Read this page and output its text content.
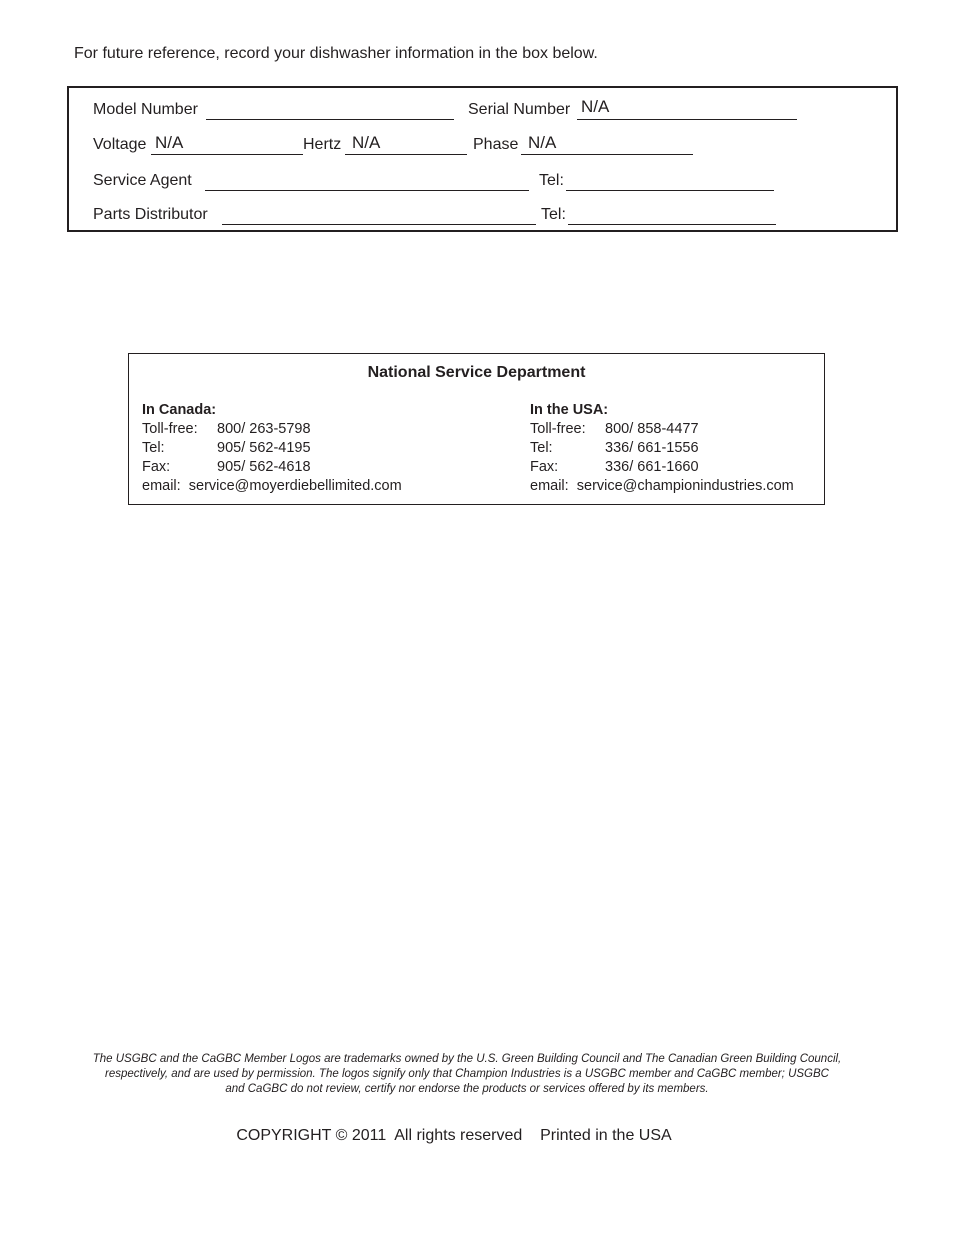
For future reference, record your dishwasher information in the box below.
Model Number	Serial Number N/A
Voltage N/A	Hertz N/A	Phase N/A
Service Agent	Tel:
Parts Distributor	Tel:
National Service Department
In Canada:
Toll-free: 800/ 263-5798
Tel:	905/ 562-4195
Fax:	905/ 562-4618
email: service@moyerdiebellimited.com
In the USA:
Toll-free: 800/ 858-4477
Tel:	336/ 661-1556
Fax:	336/ 661-1660
email: service@championindustries.com
The USGBC and the CaGBC Member Logos are trademarks owned by the U.S. Green Building Council and The Canadian Green Building Council,
respectively, and are used by permission. The logos signify only that Champion Industries is a USGBC member and CaGBC member; USGBC
and CaGBC do not review, certify nor endorse the products or services offered by its members.
COPYRIGHT © 2011  All rights reserved    Printed in the USA
